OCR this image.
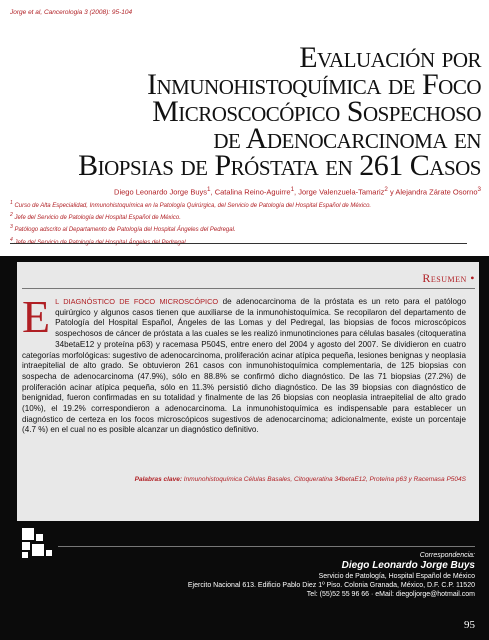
Jorge et al, Cancerologia 3 (2008): 95-104
Evaluación por
Inmunohistoquímica de Foco
Microscocópico Sospechoso
de Adenocarcinoma en
Biopsias de Próstata en 261 Casos
Diego Leonardo Jorge Buys$^1$, Catalina Reino-Aguirre$^1$, Jorge Valenzuela-Tamariz$^2$ y Alejandra Zárate Osorno$^3$
$^1$ Curso de Alta Especialidad, Inmunohistoquímica en la Patología Quirúrgica, del Servicio de Patología del Hospital Español de México.
$^2$ Jefe del Servicio de Patología del Hospital Español de México.
$^3$ Patólogo adscrito al Departamento de Patología del Hospital Ángeles del Pedregal.
$^4$
Resumen •
EL DIAGNÓSTICO DE FOCO MICROSCÓPICO de adenocarcinoma de la próstata es un reto para el patólogo quirúrgico y algunos casos tienen que auxiliarse de la inmunohistoquímica. Se recopilaron del departamento de Patología del Hospital Español, Ángeles de las Lomas y del Pedregal, las biopsias de focos microscópicos sospechosos de cáncer de próstata a las cuales se les realizó inmunotinciones para células basales (citoqueratina 34betaE12 y proteína p63) y racemasa P504S, entre enero del 2004 y agosto del 2007. Se dividieron en cuatro categorías morfológicas: sugestivo de adenocarcinoma, proliferación acinar atípica pequeña, lesiones benignas y neoplasia intraepitelial de alto grado. Se obtuvieron 261 casos con inmunohistoquímica complementaria, de 125 biopsias con sospecha de adenocarcinoma (47.9%), sólo en 88.8% se confirmó dicho diagnóstico. De las 71 biopsias (27.2%) de proliferación acinar atípica pequeña, sólo en 11.3% persistió dicho diagnóstico. De las 39 biopsias con diagnóstico de benignidad, fueron confirmadas en su totalidad y finalmente de las 26 biopsias con neoplasia intraepitelial de alto grado (10%), el 19.2% correspondieron a adenocarcinoma. La inmunohistoquímica es indispensable para establecer un diagnóstico de certeza en los focos microscópicos sugestivos de adenocarcinoma; adicionalmente, existe un porcentaje (4.7 %) en el cual no es posible alcanzar un diagnóstico definitivo.
Palabras clave: Inmunohistoquímica Células Basales, Citoqueratina 34betaE12, Proteína p63 y Racemasa P504S
Correspondencia:
Diego Leonardo Jorge Buys
Servicio de Patología, Hospital Español de México
Ejercito Nacional 613. Edificio Pablo Diez 1º Piso. Colonia Granada, México, D.F. C.P. 11520
Tel: (55)52 55 96 66 · eMail: diegoljorge@hotmail.com
95
